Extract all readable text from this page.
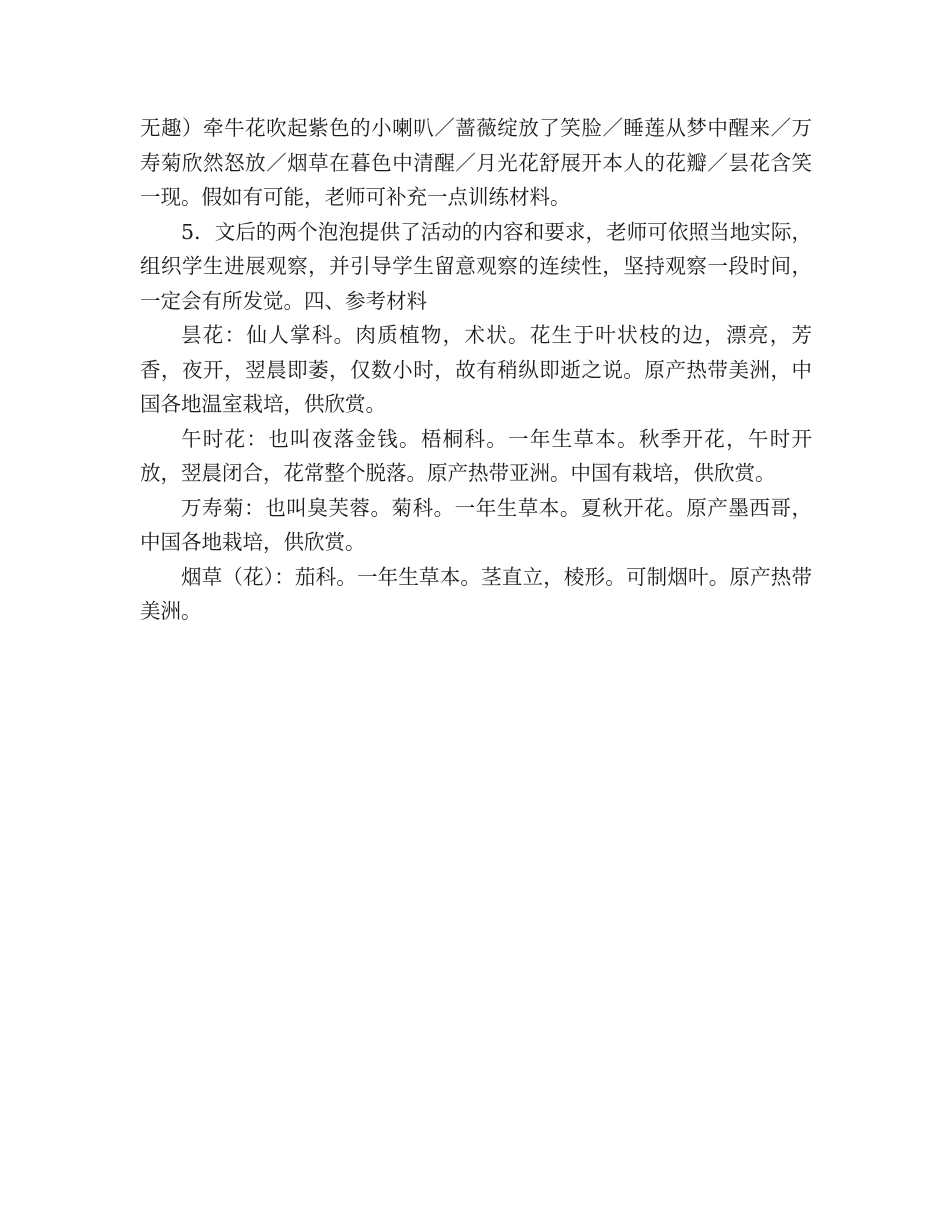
无趣）牵牛花吹起紫色的小喇叭／蔷薇绽放了笑脸／睡莲从梦中醒来／万寿菊欣然怒放／烟草在暮色中清醒／月光花舒展开本人的花瓣／昙花含笑一现。假如有可能，老师可补充一点训练材料。

5．文后的两个泡泡提供了活动的内容和要求，老师可依照当地实际，组织学生进展观察，并引导学生留意观察的连续性，坚持观察一段时间，一定会有所发觉。四、参考材料

昙花：仙人掌科。肉质植物，术状。花生于叶状枝的边，漂亮，芳香，夜开，翌晨即萎，仅数小时，故有稍纵即逝之说。原产热带美洲，中国各地温室栽培，供欣赏。

午时花：也叫夜落金钱。梧桐科。一年生草本。秋季开花，午时开放，翌晨闭合，花常整个脱落。原产热带亚洲。中国有栽培，供欣赏。

万寿菊：也叫臭芙蓉。菊科。一年生草本。夏秋开花。原产墨西哥，中国各地栽培，供欣赏。

烟草（花）：茄科。一年生草本。茎直立，棱形。可制烟叶。原产热带美洲。
